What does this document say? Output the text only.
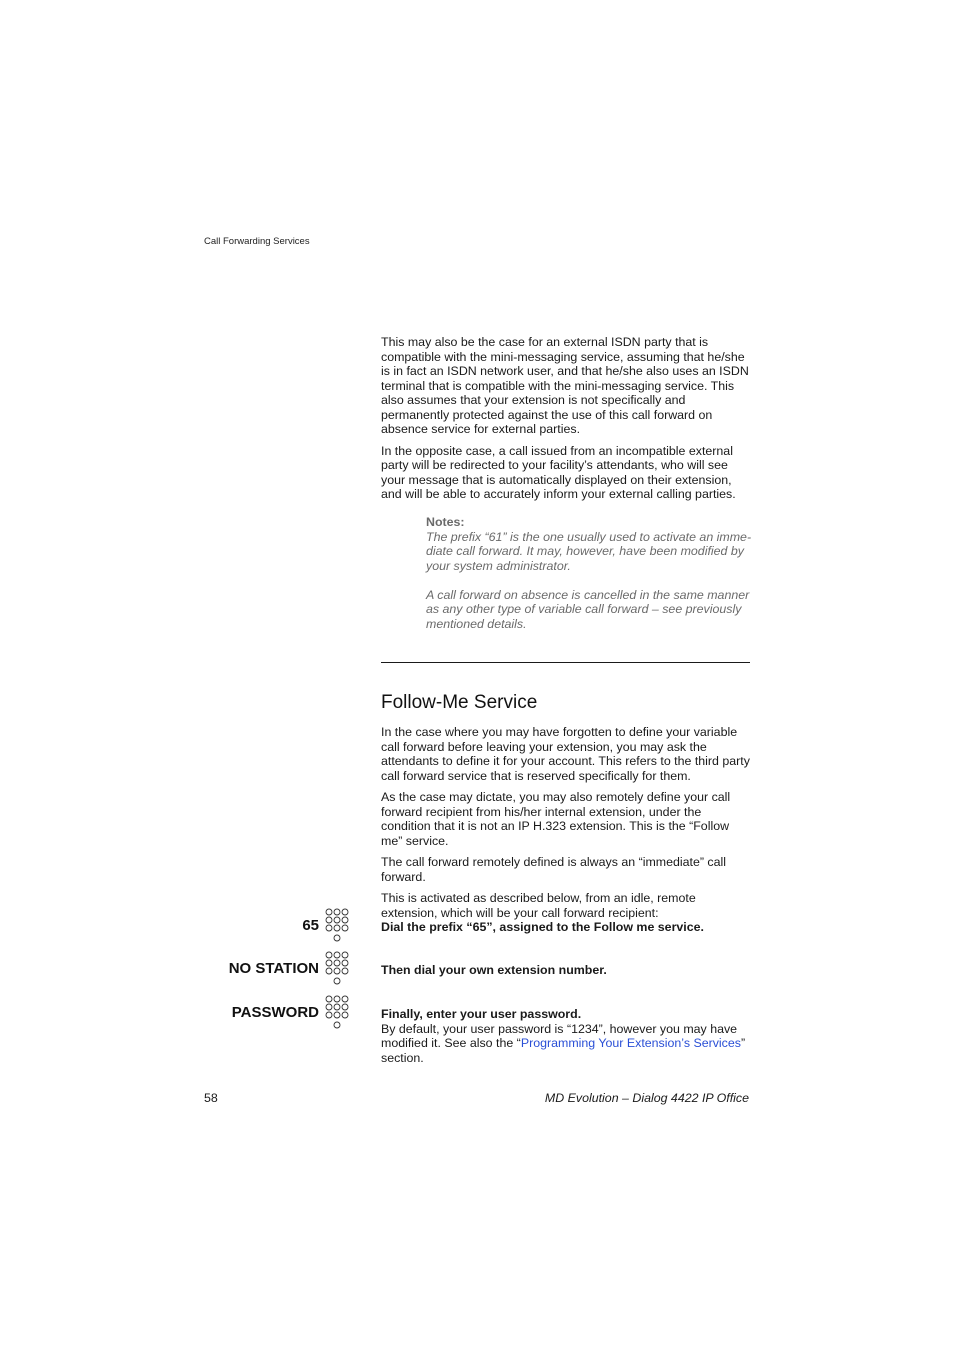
Call Forwarding Services

This may also be the case for an external ISDN party that is compatible with the mini-messaging service, assuming that he/she is in fact an ISDN network user, and that he/she also uses an ISDN terminal that is compatible with the mini-messaging service. This also assumes that your extension is not specifically and permanently protected against the use of this call forward on absence service for external parties.

In the opposite case, a call issued from an incompatible external party will be redirected to your facility’s attendants, who will see your message that is automatically displayed on their extension, and will be able to accurately inform your external calling parties.

Notes:

The prefix “61” is the one usually used to activate an imme-diate call forward. It may, however, have been modified by your system administrator.

A call forward on absence is cancelled in the same manner as any other type of variable call forward – see previously mentioned details.

Follow-Me Service

In the case where you may have forgotten to define your variable call forward before leaving your extension, you may ask the attendants to define it for your account. This refers to the third party call forward service that is reserved specifically for them.

As the case may dictate, you may also remotely define your call forward recipient from his/her internal extension, under the condition that it is not an IP H.323 extension. This is the “Follow me” service.

The call forward remotely defined is always an “immediate” call forward.

This is activated as described below, from an idle, remote extension, which will be your call forward recipient:

65	Dial the prefix “65”, assigned to the Follow me service.
NO STATION	Then dial your own extension number.
PASSWORD	Finally, enter your user password.
By default, your user password is “1234”, however you may have modified it. See also the “Programming Your Extension’s Services” section.
58	MD Evolution – Dialog 4422 IP Office
